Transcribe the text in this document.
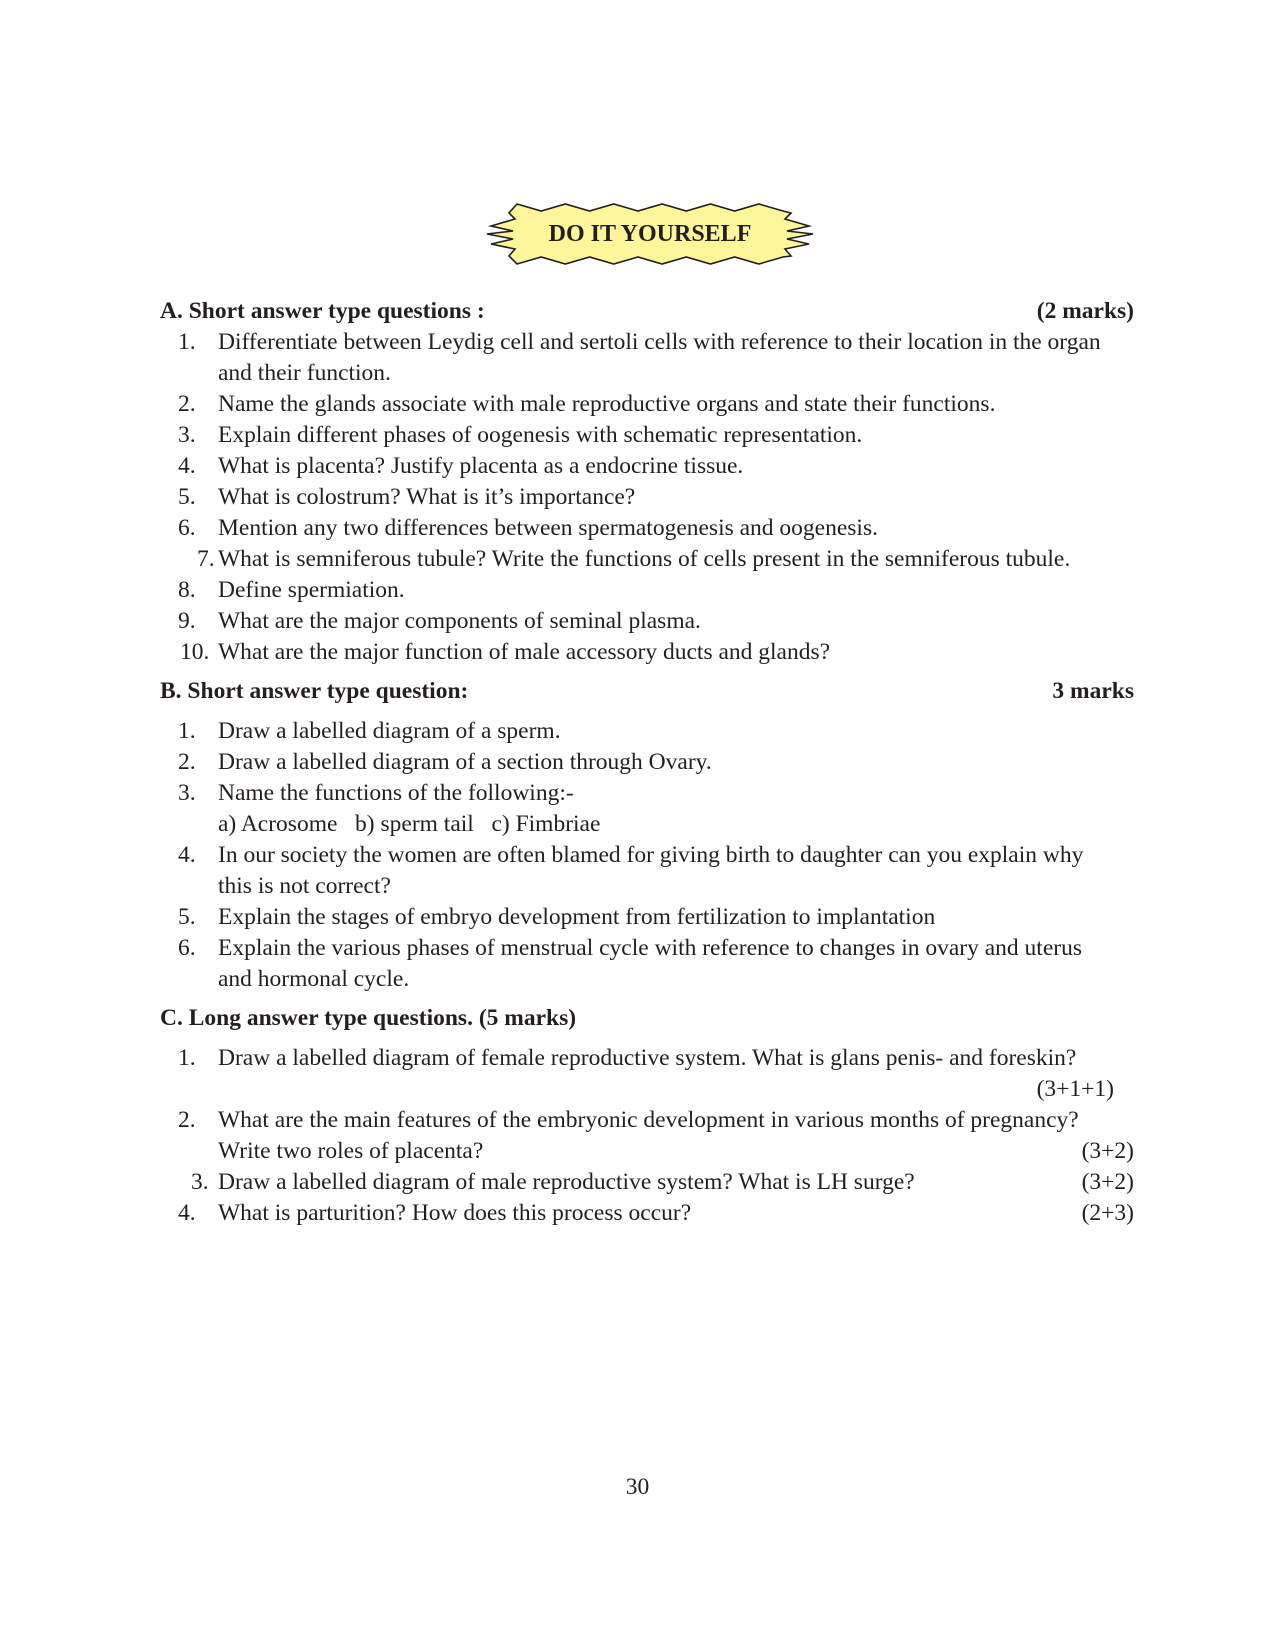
DO IT YOURSELF
A. Short answer type questions :	(2 marks)
1. Differentiate between Leydig cell and sertoli cells with reference to their location in the organ
and their function.
2. Name the glands associate with male reproductive organs and state their functions.
3. Explain different phases of oogenesis with schematic representation.
4. What is placenta? Justify placenta as a endocrine tissue.
5. What is colostrum? What is it’s importance?
6. Mention any two differences between spermatogenesis and oogenesis.
7. What is semniferous tubule? Write the functions of cells present in the semniferous tubule.
8. Define spermiation.
9. What are the major components of seminal plasma.
10. What are the major function of male accessory ducts and glands?
B. Short answer type question:	3 marks
1. Draw a labelled diagram of a sperm.
2. Draw a labelled diagram of a section through Ovary.
3. Name the functions of the following:-
a) Acrosome   b) sperm tail   c) Fimbriae
4. In our society the women are often blamed for giving birth to daughter can you explain why
this is not correct?
5. Explain the stages of embryo development from fertilization to implantation
6. Explain the various phases of menstrual cycle with reference to changes in ovary and uterus
and hormonal cycle.
C. Long answer type questions. (5 marks)
1. Draw a labelled diagram of female reproductive system. What is glans penis- and foreskin?
(3+1+1)
2. What are the main features of the embryonic development in various months of pregnancy?
Write two roles of placenta?	(3+2)
3. Draw a labelled diagram of male reproductive system? What is LH surge?	(3+2)
4. What is parturition? How does this process occur?	(2+3)
30
